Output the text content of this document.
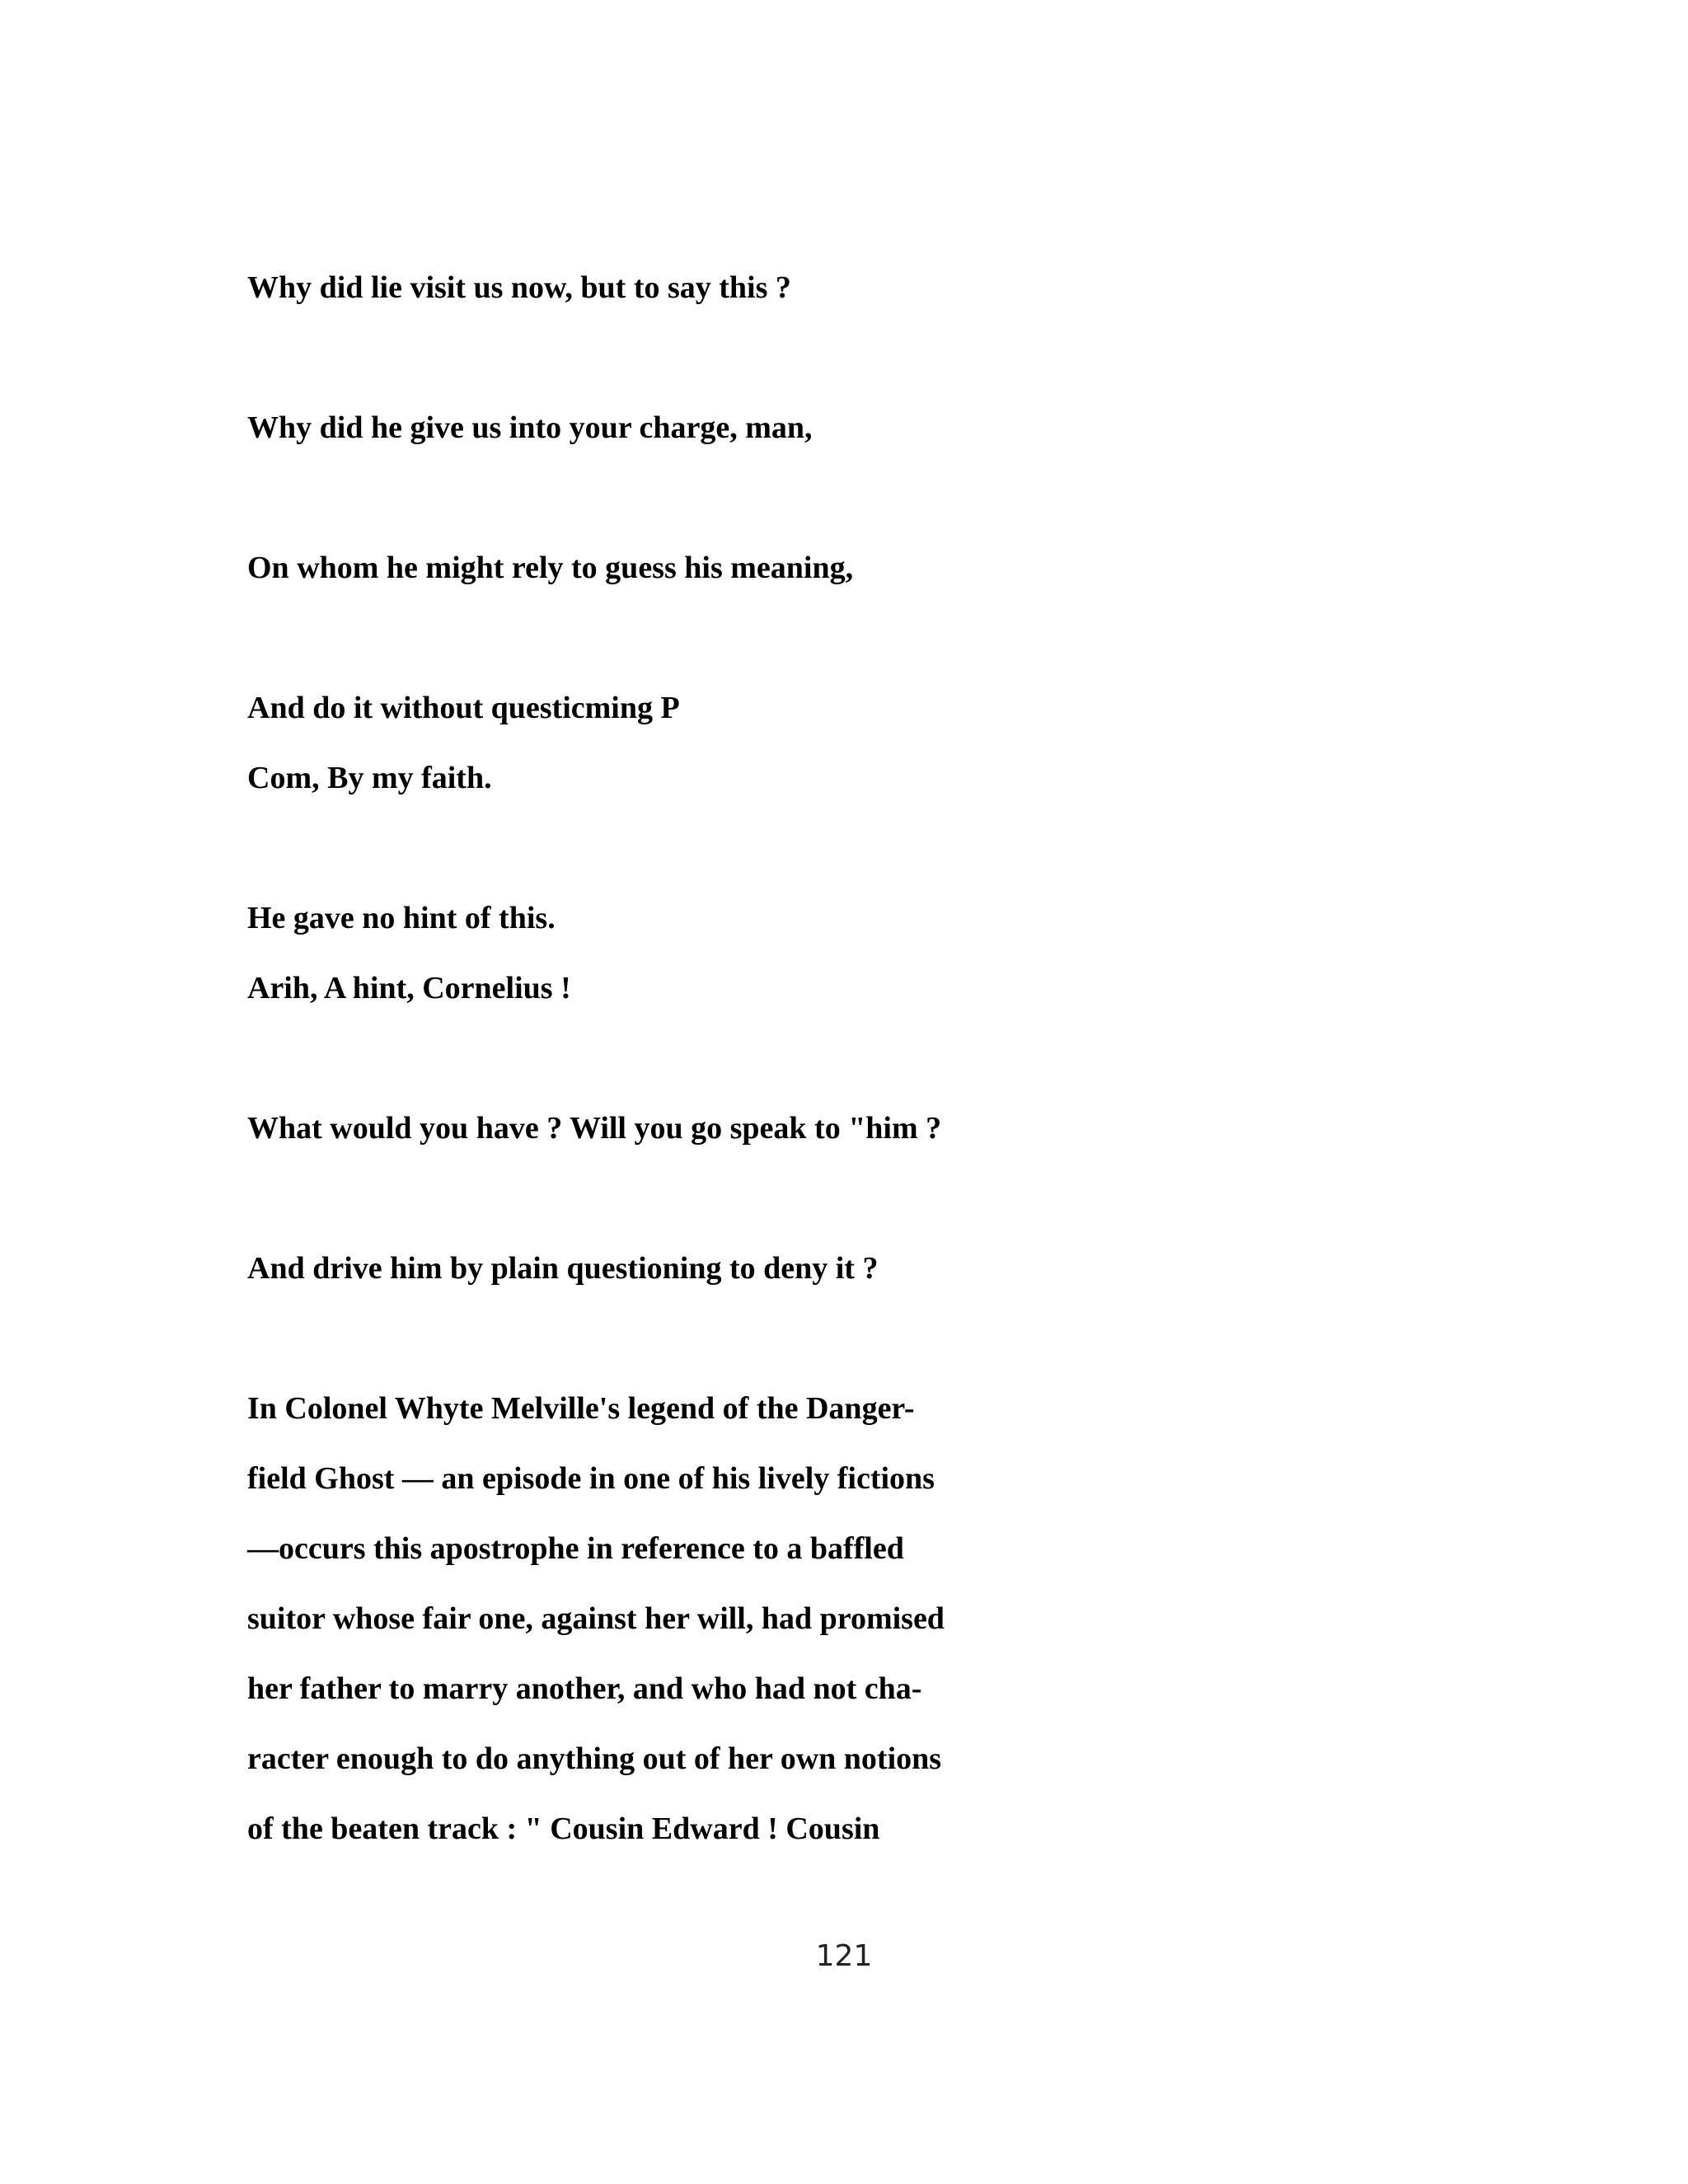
Why did lie visit us now, but to say this ?

Why did he give us into your charge, man,

On whom he might rely to guess his meaning,

And do it without questicming P

Com, By my faith.

He gave no hint of this.

Arih, A hint, Cornelius !

What would you have ? Will you go speak to "him ?

And drive him by plain questioning to deny it ?

In Colonel Whyte Melville's legend of the Danger-

field Ghost — an episode in one of his lively fictions

—occurs this apostrophe in reference to a baffled

suitor whose fair one, against her will, had promised

her father to marry another, and who had not cha-

racter enough to do anything out of her own notions

of the beaten track : " Cousin Edward ! Cousin

121
